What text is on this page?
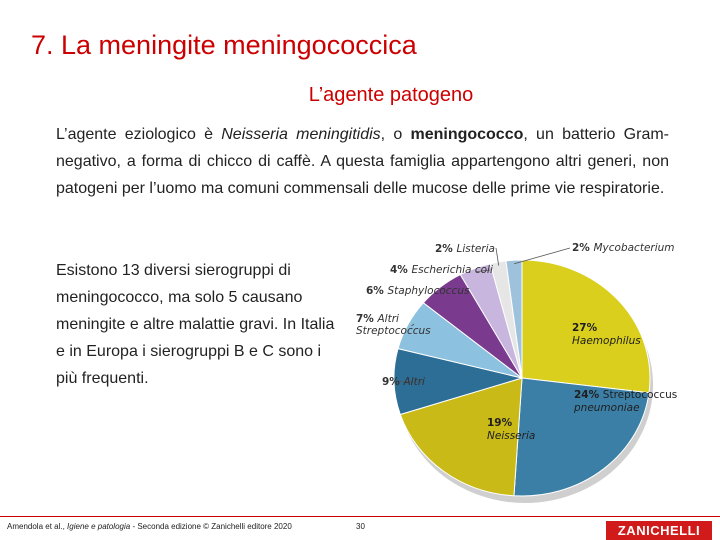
7. La meningite meningococcica
L’agente patogeno
L’agente eziologico è Neisseria meningitidis, o meningococco, un batterio Gram-negativo, a forma di chicco di caffè. A questa famiglia appartengono altri generi, non patogeni per l’uomo ma comuni commensali delle mucose delle prime vie respiratorie.
Esistono 13 diversi sierogruppi di meningococco, ma solo 5 causano meningite e altre malattie gravi. In Italia e in Europa i sierogruppi B e C sono i più frequenti.
27% Haemophilus
24% Streptococcus pneumoniae
19% Neisseria
9% Altri
6% Staphylococcus
4% Escherichia coli
2% Listeria	2% Mycobacterium
7% Altri Streptococcus
Amendola et al., Igiene e patologia - Seconda edizione © Zanichelli editore 2020	30	ZANICHELLI
